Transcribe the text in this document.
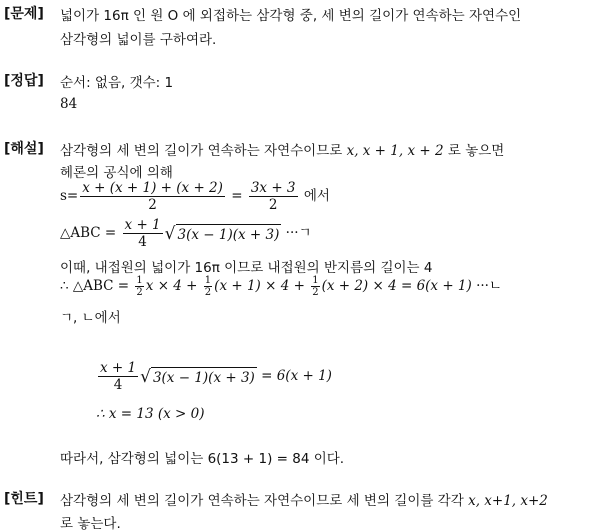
[문제]
[정답]
[해설]
[힌트]
넓이가 16π 인 원 O 에 외접하는 삼각형 중, 세 변의 길이가 연속하는 자연수인
삼각형의 넓이를 구하여라.
순서: 없음, 갯수: 1
84
삼각형의 세 변의 길이가 연속하는 자연수이므로 x, x + 1, x + 2 로 놓으면
헤론의 공식에 의해
$s= \frac{x + (x + 1) + (x + 2)}{2} = \frac{3x + 3}{2}$ 에서
△ABC = $\frac{x + 1}{4}$ √ 3(x − 1)(x + 3) ···ㄱ
이때, 내접원의 넓이가 16π 이므로 내접원의 반지름의 길이는 4
∴ △ABC = $\frac{1}{2}$ $x \times 4 + \frac{1}{2} (x + 1) \times 4 + \frac{1}{2} (x + 2) \times 4 = 6(x + 1)$ ···ㄴ
ㄱ, ㄴ에서
$\frac{x + 1}{4}$ √ 3(x − 1)(x + 3) = 6(x + 1)
∴ x = 13 (x > 0)
따라서, 삼각형의 넓이는 6(13 + 1) = 84 이다.
삼각형의 세 변의 길이가 연속하는 자연수이므로 세 변의 길이를 각각 x, x+1, x+2
로 놓는다.
